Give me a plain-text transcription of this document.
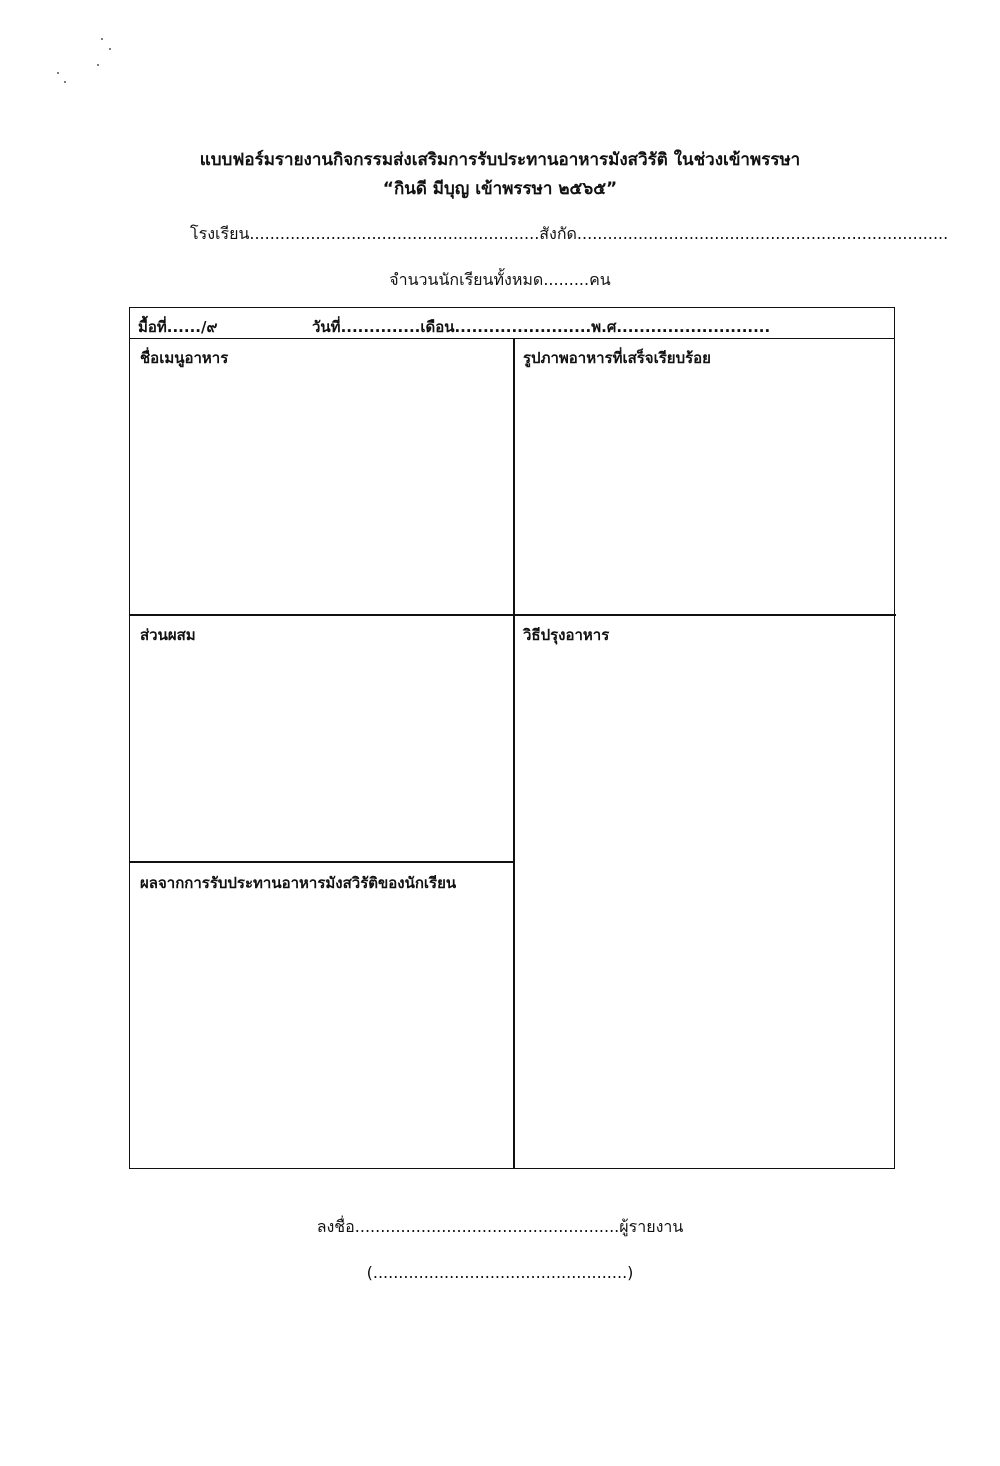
แบบฟอร์มรายงานกิจกรรมส่งเสริมการรับประทานอาหารมังสวิรัติ ในช่วงเข้าพรรษา
“กินดี มีบุญ เข้าพรรษา ๒๕๖๕”
โรงเรียน.........................................................สังกัด.........................................................................
จำนวนนักเรียนทั้งหมด.........คน
มื้อที่....../๙	วันที่..............เดือน........................พ.ศ...........................
ชื่อเมนูอาหาร	รูปภาพอาหารที่เสร็จเรียบร้อย
ส่วนผสม	วิธีปรุงอาหาร
ผลจากการรับประทานอาหารมังสวิรัติของนักเรียน
ลงชื่อ....................................................ผู้รายงาน
(..................................................)
